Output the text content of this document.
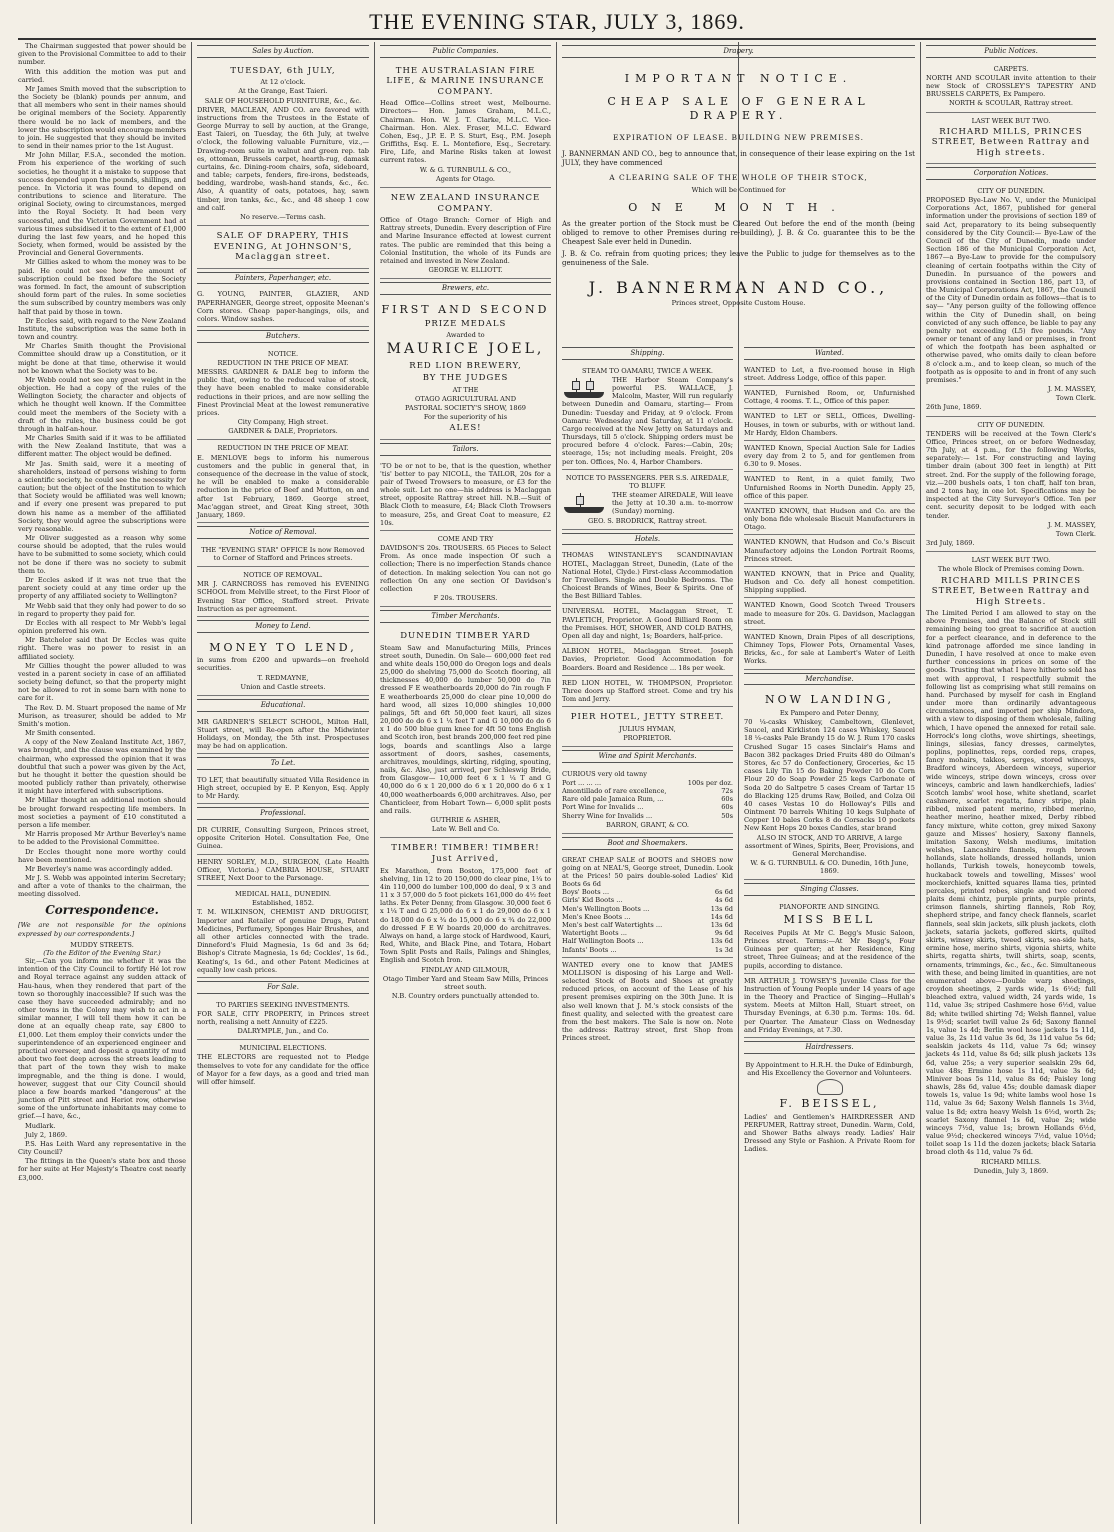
THE EVENING STAR, JULY 3, 1869.

The Chairman suggested that power should be given to the Provisional Committee to add to their number.

With this addition the motion was put and carried.

Mr James Smith moved that the subscription to the Society be (blank) pounds per annum, and that all members who sent in their names should be original members of the Society. Apparently there would be no lack of members, and the lower the subscription would encourage members to join. He suggested that they should be invited to send in their names prior to the 1st August.

Mr John Millar, F.S.A., seconded the motion. From his experience of the working of such societies, he thought it a mistake to suppose that success depended upon the pounds, shillings, and pence. In Victoria it was found to depend on contributions to science and literature. The original Society, owing to circumstances, merged into the Royal Society. It had been very successful, and the Victorian Government had at various times subsidised it to the extent of £1,000 during the last few years, and he hoped this Society, when formed, would be assisted by the Provincial and General Governments.

Mr Gillies asked to whom the money was to be paid. He could not see how the amount of subscription could be fixed before the Society was formed. In fact, the amount of subscription should form part of the rules. In some societies the sum subscribed by country members was only half that paid by those in town.

Dr Eccles said, with regard to the New Zealand Institute, the subscription was the same both in town and country.

Mr Charles Smith thought the Provisional Committee should draw up a Constitution, or it might be done at that time, otherwise it would not be known what the Society was to be.

Mr Webb could not see any great weight in the objection. He had a copy of the rules of the Wellington Society, the character and objects of which he thought well known. If the Committee could meet the members of the Society with a draft of the rules, the business could be got through in half-an-hour.

Mr Charles Smith said if it was to be affiliated with the New Zealand Institute, that was a different matter. The object would be defined.

Mr Jas. Smith said, were it a meeting of shareholders, instead of persons wishing to form a scientific society, he could see the necessity for caution; but the object of the Institution to which that Society would be affiliated was well known; and if every one present was prepared to put down his name as a member of the affiliated Society, they would agree the subscriptions were very reasonable.

Mr Oliver suggested as a reason why some course should be adopted, that the rules would have to be submitted to some society, which could not be done if there was no society to submit them to.

Dr Eccles asked if it was not true that the parent society could at any time order up the property of any affiliated society to Wellington?

Mr Webb said that they only had power to do so in regard to property they paid for.

Dr Eccles with all respect to Mr Webb's legal opinion preferred his own.

Mr Batchelor said that Dr Eccles was quite right. There was no power to resist in an affiliated society.

Mr Gillies thought the power alluded to was vested in a parent society in case of an affiliated society being defunct, so that the property might not be allowed to rot in some barn with none to care for it.

The Rev. D. M. Stuart proposed the name of Mr Murison, as treasurer, should be added to Mr Smith's motion.

Mr Smith consented.

A copy of the New Zealand Institute Act, 1867, was brought, and the clause was examined by the chairman, who expressed the opinion that it was doubtful that such a power was given by the Act, but he thought it better the question should be mooted publicly rather than privately, otherwise it might have interfered with subscriptions.

Mr Millar thought an additional motion should be brought forward respecting life members. In most societies a payment of £10 constituted a person a life member.

Mr Harris proposed Mr Arthur Beverley's name to be added to the Provisional Committee.

Dr Eccles thought none more worthy could have been mentioned.

Mr Beverley's name was accordingly added.

Mr J. S. Webb was appointed interim Secretary; and after a vote of thanks to the chairman, the meeting dissolved.

Correspondence.

[We are not responsible for the opinions expressed by our correspondents.]

MUDDY STREETS.
(To the Editor of the Evening Star.)

Sir,—Can you inform me whether it was the intention of the City Council to fortify Hé lot row and Royal terrace against any sudden attack of Hau-haus, when they rendered that part of the town so thoroughly inaccessible? If such was the case they have succeeded admirably; and no other towns in the Colony may wish to act in a similar manner, I will tell them how it can be done at an equally cheap rate, say £800 to £1,000. Let them employ their convicts under the superintendence of an experienced engineer and practical overseer, and deposit a quantity of mud about two feet deep across the streets leading to that part of the town they wish to make impregnable, and the thing is done. I would, however, suggest that our City Council should place a few boards marked "dangerous" at the junction of Pitt street and Heriot row, otherwise some of the unfortunate inhabitants may come to grief.—I have, &c.,

Mudlark.

July 2, 1869.

P.S. Has Leith Ward any representative in the City Council?

The fittings in the Queen's state box and those for her suite at Her Majesty's Theatre cost nearly £3,000.

Sales by Auction.
TUESDAY, 6th JULY,
At 12 o'clock.
At the Grange, East Taieri.
SALE OF HOUSEHOLD FURNITURE, &c., &c.
DRIVER, MACLEAN, AND CO. are favored with instructions from the Trustees in the Estate of George Murray to sell by auction, at the Grange, East Taieri, on Tuesday, the 6th July, at twelve o'clock, the following valuable Furniture, viz.,— Drawing-room suite in walnut and green rep. tab es, ottoman, Brussels carpet, hearth-rug, damask curtains, &c. Dining-room chairs, sofa, sideboard, and table; carpets, fenders, fire-irons, bedsteads, bedding, wardrobe, wash-hand stands, &c., &c. Also, A quantity of oats, potatoes, hay, sawn timber, iron tanks, &c., &c., and 48 sheep 1 cow and calf.
No reserve.—Terms cash.
SALE OF DRAPERY, THIS EVENING, At JOHNSON'S, Maclaggan street.
Painters, Paperhanger, etc.
G. YOUNG, PAINTER, GLAZIER, AND PAPERHANGER, George street, opposite Meenan's Corn stores. Cheap paper-hangings, oils, and colors. Window sashes.
Butchers.
NOTICE.
REDUCTION IN THE PRICE OF MEAT.
MESSRS. GARDNER & DALE beg to inform the public that, owing to the reduced value of stock, they have been enabled to make considerable reductions in their prices, and are now selling the Finest Provincial Meat at the lowest remunerative prices.
City Company, High street.
GARDNER & DALE, Proprietors.
REDUCTION IN THE PRICE OF MEAT.
E. MENLOVE begs to inform his numerous customers and the public in general that, in consequence of the decrease in the value of stock, he will be enabled to make a considerable reduction in the price of Beef and Mutton, on and after 1st February, 1869. George street, Mac'aggan street, and Great King street, 30th January, 1869.
Notice of Removal.
THE "EVENING STAR" OFFICE Is now Removed to Corner of Stafford and Princes streets.
NOTICE OF REMOVAL.
MR J. CARNCROSS has removed his EVENING SCHOOL from Melville street, to the First Floor of Evening Star Office, Stafford street. Private Instruction as per agreement.
Money to Lend.
MONEY TO LEND,
in sums from £200 and upwards—on freehold securities.
T. REDMAYNE,
Union and Castle streets.
Educational.
MR GARDNER'S SELECT SCHOOL, Milton Hall, Stuart street, will Re-open after the Midwinter Holidays, on Monday, the 5th inst. Prospectuses may be had on application.
To Let.
TO LET, that beautifully situated Villa Residence in High street, occupied by E. P. Kenyon, Esq. Apply to Mr Hardy.
Professional.
DR CURRIE, Consulting Surgeon, Princes street, opposite Criterion Hotel. Consultation Fee, One Guinea.
HENRY SORLEY, M.D., SURGEON, (Late Health Officer, Victoria.) CAMBRIA HOUSE, STUART STREET, Next Door to the Parsonage.
MEDICAL HALL, DUNEDIN.
Established, 1852.
T. M. WILKINSON, CHEMIST AND DRUGGIST, Importer and Retailer of genuine Drugs, Patent Medicines, Perfumery, Sponges Hair Brushes, and all other articles connected with the trade. Dinneford's Fluid Magnesia, 1s 6d and 3s 6d; Bishop's Citrate Magnesia, 1s 6d; Cockles', 1s 6d., Keating's, 1s 6d., and other Patent Medicines at equally low cash prices.
For Sale.
TO PARTIES SEEKING INVESTMENTS.
FOR SALE, CITY PROPERTY, in Princes street north, realising a nett Annuity of £225.
DALRYMPLE, Jun., and Co.
MUNICIPAL ELECTIONS.
THE ELECTORS are requested not to Pledge themselves to vote for any candidate for the office of Mayor for a few days, as a good and tried man will offer himself.
Public Companies.
THE AUSTRALASIAN FIRE LIFE, & MARINE INSURANCE COMPANY.
Head Office—Collins street west, Melbourne. Directors— Hon. James Graham, M.L.C., Chairman. Hon. W. J. T. Clarke, M.L.C. Vice-Chairman. Hon. Alex. Fraser, M.L.C. Edward Cohen, Esq., J.P. E. P. S. Sturt, Esq., P.M. Joseph Griffiths, Esq. E. L. Montefiore, Esq., Secretary. Fire, Life, and Marine Risks taken at lowest current rates.
W. & G. TURNBULL & CO.,
Agents for Otago.
NEW ZEALAND INSURANCE COMPANY.
Office of Otago Branch: Corner of High and Rattray streets, Dunedin. Every description of Fire and Marine Insurance effected at lowest current rates. The public are reminded that this being a Colonial Institution, the whole of its Funds are retained and invested in New Zealand.
GEORGE W. ELLIOTT.
Brewers, etc.
FIRST AND SECOND
PRIZE MEDALS
Awarded to
MAURICE JOEL,
RED LION BREWERY,
BY THE JUDGES
AT THE
OTAGO AGRICULTURAL AND
PASTORAL SOCIETY'S SHOW, 1869
For the superiority of his
ALES!
Tailors.
'TO be or not to be, that is the question, whether 'tis' better to pay NICOLL, the TAILOR, 20s for a pair of Tweed Trowsers to measure, or £3 for the whole suit. Let no one—his address is Maclaggan street, opposite Rattray street hill. N.B.—Suit of Black Cloth to measure, £4; Black Cloth Trowsers to measure, 25s, and Great Coat to measure, £2 10s.
COME AND TRY
DAVIDSON'S 20s. TROUSERS. 65 Pieces to Select From. As once made inspection Of such a collection; There is no imperfection Stands chance of detection. In making selection You can not go reflection On any one section Of Davidson's collection
F 20s. TROUSERS.
Timber Merchants.
DUNEDIN TIMBER YARD
Steam Saw and Manufacturing Mills, Princes street south, Dunedin. On Sale— 600,000 feet red and white deals 150,000 do Oregon logs and deals 25,000 do shelving 75,000 do Scotch flooring, all thicknesses 40,000 do lumber 50,000 do 7in dressed F E weatherboards 20,000 do 7in rough F E weatherboards 25,000 do clear pine 10,000 do hard wood, all sizes 10,000 shingles 10,000 palings, 5ft and 6ft 50,000 feet kauri, all sizes 20,000 do do 6 x 1 ¼ feet T and G 10,000 do do 6 x 1 do 500 blue gum knee for 4ft 50 tons English and Scotch iron, best brands 200,000 feet red pine logs, boards and scantlings Also a large assortment of doors, sashes, casements, architraves, mouldings, skirting, ridging, spouting, nails, &c. Also, just arrived, per Schleswig Bride, from Glasgow— 10,000 feet 6 x 1 ¼ T and G 40,000 do 6 x 1 20,000 do 6 x 1 20,000 do 6 x 1 40,000 weatherboards 6,000 architraves. Also, per Chanticleer, from Hobart Town— 6,000 split posts and rails.
GUTHRIE & ASHER,
Late W. Bell and Co.
TIMBER! TIMBER! TIMBER! Just Arrived,
Ex Marathon, from Boston, 175,000 feet of shelving, 1in 12 to 20 150,000 do clear pine, 1¼ to 4in 110,000 do lumber 100,000 do deal, 9 x 3 and 11 x 3 57,000 do 5 foot pickets 161,000 do 4½ feet laths. Ex Peter Denny, from Glasgow. 30,000 feet 6 x 1¼ T and G 25,000 do 6 x 1 do 29,000 do 6 x 1 do 18,000 do 6 x ¾ do 15,000 do 6 x ¾ do 22,000 do dressed F E W boards 20,000 do architraves. Always on hand, a large stock of Hardwood, Kauri, Red, White, and Black Pine, and Totara, Hobart Town Split Posts and Rails, Palings and Shingles, English and Scotch Iron.
FINDLAY AND GILMOUR,
Otago Timber Yard and Steam Saw Mills, Princes street south.
N.B. Country orders punctually attended to.
Drapery.
IMPORTANT NOTICE.
CHEAP SALE OF GENERAL DRAPERY.
EXPIRATION OF LEASE. BUILDING NEW PREMISES.
J. BANNERMAN AND CO., beg to announce that, in consequence of their lease expiring on the 1st JULY, they have commenced
A CLEARING SALE OF THE WHOLE OF THEIR STOCK,
Which will be Continued for
ONE MONTH.
As the greater portion of the Stock must be Cleared Out before the end of the month (being obliged to remove to other Premises during re-building), J. B. & Co. guarantee this to be the Cheapest Sale ever held in Dunedin.
J. B. & Co. refrain from quoting prices; they leave the Public to judge for themselves as to the genuineness of the Sale.
J. BANNERMAN AND CO.,
Princes street, Opposite Custom House.
Shipping.
STEAM TO OAMARU, TWICE A WEEK.
THE Harbor Steam Company's powerful P.S. WALLACE, J. Malcolm, Master, Will run regularly between Dunedin and Oamaru, starting— From Dunedin: Tuesday and Friday, at 9 o'clock. From Oamaru: Wednesday and Saturday, at 11 o'clock. Cargo received at the New Jetty on Saturdays and Thursdays, till 5 o'clock. Shipping orders must be procured before 4 o'clock. Fares:—Cabin, 20s; steerage, 15s; not including meals. Freight, 20s per ton. Offices, No. 4, Harbor Chambers.
NOTICE TO PASSENGERS. PER S.S. AIREDALE, TO BLUFF.
THE steamer AIREDALE, Will leave the Jetty at 10.30 a.m. to-morrow (Sunday) morning.
GEO. S. BRODRICK, Rattray street.
Hotels.
THOMAS WINSTANLEY'S SCANDINAVIAN HOTEL, Maclaggan Street, Dunedin, (Late of the National Hotel, Clyde.) First-class Accommodation for Travellers. Single and Double Bedrooms. The Choicest Brands of Wines, Beer & Spirits. One of the Best Billiard Tables.
UNIVERSAL HOTEL, Maclaggan Street, T. PAVLETICH, Proprietor. A Good Billiard Room on the Premises. HOT, SHOWER, AND COLD BATHS, Open all day and night, 1s; Boarders, half-price.
ALBION HOTEL, Maclaggan Street. Joseph Davies, Proprietor. Good Accommodation for Boarders. Board and Residence ... 18s per week.
RED LION HOTEL, W. THOMPSON, Proprietor. Three doors up Stafford street. Come and try his Tom and Jerry.
PIER HOTEL, JETTY STREET.
JULIUS HYMAN,
PROPRIETOR.
Wine and Spirit Merchants.
CURIOUS very old tawny
Port ... ... ...	100s per doz.
Amontillado of rare excellence,	72s
Rare old pale Jamaica Rum, ...	60s
Port Wine for Invalids ...	60s
Sherry Wine for Invalids ...	50s
BARRON, GRANT, & CO.
Boot and Shoemakers.
GREAT CHEAP SALE of BOOTS and SHOES now going on at NEAL'S, George street, Dunedin. Look at the Prices! 50 pairs double-soled Ladies' Kid Boots 6s 6d
Boys' Boots ...	6s 6d
Girls' Kid Boots ...	4s 6d
Men's Wellington Boots ...	13s 6d
Men's Knee Boots ...	14s 6d
Men's best calf Watertights ...	13s 6d
Watertight Boots ...	9s 6d
Half Wellington Boots ...	13s 6d
Infants' Boots ...	1s 3d
WANTED every one to know that JAMES MOLLISON is disposing of his Large and Well-selected Stock of Boots and Shoes at greatly reduced prices, on account of the Lease of his present premises expiring on the 30th June. It is also well known that J. M.'s stock consists of the finest quality, and selected with the greatest care from the best makers. The Sale is now on. Note the address: Rattray street, first Shop from Princes street.
Wanted.
WANTED to Let, a five-roomed house in High street. Address Lodge, office of this paper.
WANTED, Furnished Room, or, Unfurnished Cottage, 4 rooms. T. L., Office of this paper.
WANTED to LET or SELL, Offices, Dwelling-Houses, in town or suburbs, with or without land. Mr Hardy, Eldon Chambers.
WANTED Known, Special Auction Sale for Ladies every day from 2 to 5, and for gentlemen from 6.30 to 9. Moses.
WANTED to Rent, in a quiet family, Two Unfurnished Rooms in North Dunedin. Apply 25, office of this paper.
WANTED KNOWN, that Hudson and Co. are the only bona fide wholesale Biscuit Manufacturers in Otago.
WANTED KNOWN, that Hudson and Co.'s Biscuit Manufactory adjoins the London Portrait Rooms, Princes street.
WANTED KNOWN, that in Price and Quality, Hudson and Co. defy all honest competition. Shipping supplied.
WANTED Known, Good Scotch Tweed Trousers made to measure for 20s. G. Davidson, Maclaggan street.
WANTED Known, Drain Pipes of all descriptions, Chimney Tops, Flower Pots, Ornamental Vases, Bricks, &c., for sale at Lambert's Water of Leith Works.
Merchandise.
NOW LANDING,
Ex Pampero and Peter Denny,
70 ¼-casks Whiskey, Cambeltown, Glenlevet, Saucel, and Kirkliston 124 cases Whiskey, Saucel 18 ¼-casks Pale Brandy 15 do W. J. Rum 170 casks Crushed Sugar 15 cases Sinclair's Hams and Bacon 382 packages Dried Fruits 480 do Oilman's Stores, &c 57 do Confectionery, Groceries, &c 15 cases Lily Tin 15 do Baking Powder 10 do Corn Flour 20 do Soap Powder 25 kegs Carbonate of Soda 20 do Saltpetre 5 cases Cream of Tartar 15 do Blacking 125 drums Raw, Boiled, and Colza Oil 40 cases Vestas 10 do Holloway's Pills and Ointment 70 barrels Whiting 10 kegs Sulphate of Copper 10 bales Corks 8 do Corsacks 10 pockets New Kent Hops 20 boxes Candles, star brand
ALSO IN STOCK, AND TO ARRIVE, A large assortment of Wines, Spirits, Beer, Provisions, and General Merchandise.
W. & G. TURNBULL & CO. Dunedin, 16th June, 1869.
Singing Classes.
PIANOFORTE AND SINGING.
MISS BELL
Receives Pupils At Mr C. Begg's Music Saloon, Princes street. Terms:—At Mr Begg's, Four Guineas per quarter; at her Residence, King street, Three Guineas; and at the residence of the pupils, according to distance.
MR ARTHUR J. TOWSEY'S Juvenile Class for the Instruction of Young People under 14 years of age in the Theory and Practice of Singing—Hullah's system. Meets at Milton Hall, Stuart street, on Thursday Evenings, at 6.30 p.m. Terms: 10s. 6d. per Quarter. The Amateur Class on Wednesday and Friday Evenings, at 7.30.
Hairdressers.
By Appointment to H.R.H. the Duke of Edinburgh, and His Excellency the Governor and Volunteers.
F. BEISSEL,
Ladies' and Gentlemen's HAIRDRESSER AND PERFUMER, Rattray street, Dunedin. Warm, Cold, and Shower Baths always ready. Ladies' Hair Dressed any Style or Fashion. A Private Room for Ladies.
Public Notices.
CARPETS.
NORTH AND SCOULAR invite attention to their new Stock of CROSSLEY'S TAPESTRY AND BRUSSELS CARPETS, Ex Pampero.
NORTH & SCOULAR, Rattray street.
LAST WEEK BUT TWO.
RICHARD MILLS, PRINCES STREET, Between Rattray and High streets.
Corporation Notices.
CITY OF DUNEDIN.
PROPOSED Bye-Law No. V., under the Municipal Corporations Act, 1867, published for general information under the provisions of section 189 of said Act, preparatory to its being subsequently considered by the City Council:— Bye-Law of the Council of the City of Dunedin, made under Section 186 of the Municipal Corporation Act, 1867—a Bye-Law to provide for the compulsory cleaning of certain footpaths within the City of Dunedin. In pursuance of the powers and provisions contained in Section 186, part 13, of the Municipal Corporations Act, 1867, the Council of the City of Dunedin ordain as follows—that is to say— "Any person guilty of the following offence within the City of Dunedin shall, on being convicted of any such offence, be liable to pay any penalty not exceeding (L5) five pounds. "Any owner or tenant of any land or premises, in front of which the footpath has been asphalted or otherwise paved, who omits daily to clean before 8 o'clock a.m., and to keep clean, so much of the footpath as is opposite to and in front of any such premises."
J. M. MASSEY,
Town Clerk.
26th June, 1869.
CITY OF DUNEDIN.
TENDERS will be received at the Town Clerk's Office, Princes street, on or before Wednesday, 7th July, at 4 p.m., for the following Works, separately:— 1st. For constructing and laying timber drain (about 300 feet in length) at Pitt street. 2nd. For the supply of the following forage, viz.—200 bushels oats, 1 ton chaff, half ton bran, and 2 tons hay, in one lot. Specifications may be inspected at the City Surveyor's Office. Ten per cent. security deposit to be lodged with each tender.
J. M. MASSEY,
Town Clerk.
3rd July, 1869.
LAST WEEK BUT TWO.
The whole Block of Premises coming Down.
RICHARD MILLS PRINCES STREET, Between Rattray and High Streets.
The Limited Period I am allowed to stay on the above Premises, and the Balance of Stock still remaining being too great to sacrifice at auction for a perfect clearance, and in deference to the kind patronage afforded me since landing in Dunedin, I have resolved at once to make even further concessions in prices on some of the goods. Trusting that what I have hitherto sold has met with approval, I respectfully submit the following list as comprising what still remains on hand. Purchased by myself for cash in England under more than ordinarily advantageous circumstances, and imported per ship Mindora, with a view to disposing of them wholesale, failing which, I have opened the annexed for retail sale. Horrock's long cloths, wove shirtings, sheetings, linings, silesias, fancy dresses, carmelytes, poplins, poplinettes, reps, corded reps, crapes, fancy mohairs, takkos, serges, stored winceys, Bradford winceys, Aberdeen winceys, superior wide winceys, stripe down winceys, cross over winceys, cambric and lawn handkerchiefs, ladies' Scotch lambs' wool hose, white shetland, scarlet cashmere, scarlet regatta, fancy stripe, plain ribbed, mixed patent merino, ribbed merino, heather merino, heather mixed, Derby ribbed fancy mixture, white cotton, grey mixed Saxony gauze and Misses' hosiery, Saxony flannels, imitation Saxony, Welsh mediums, imitation welshes, Lancashire flannels, rough brown hollands, slate hollands, dressed hollands, union hollands, Turkish towels, honeycomb towels, huckaback towels and towelling, Misses' wool mockerchiefs, knitted squares llama ties, printed percales, printed robes, single and two colored plaits demi chintz, purple prints, purple prints, crimson flannels, shirting flannels, Rob Roy, shepherd stripe, and fancy check flannels, scarlet flannels, seal skin jackets, silk plush jackets, cloth jackets, sataria jackets, goffered skirts, quilted skirts, winsey skirts, tweed skirts, sea-side hats, ermine hose, merino shirts, vigonia shirts, white shirts, regatta shirts, twill shirts, soap, scents, ornaments, trimmings, &c., &c., &c. Simultaneous with these, and being limited in quantities, are not enumerated above—Double warp sheetings, croydon sheetings, 2 yards wide, 1s 6½d; full bleached extra, valued width, 24 yards wide, 1s 11d, value 3s; striped Cashmere hose 6½d, value 8d; white twilled shirting 7d; Welsh flannel, value 1s 9½d; scarlet twill value 2s 6d; Saxony flannel 1s, value 1s 4d; Berlin wool hose jackets 1s 11d, value 3s, 2s 11d value 3s 6d, 3s 11d value 5s 6d; sealskin jackets 4s 11d, value 7s 6d; winsey jackets 4s 11d, value 8s 6d; silk plush jackets 13s 6d, value 25s; a very superior sealskin 29s 6d, value 48s; Ermine hose 1s 11d, value 3s 6d; Miniver boas 5s 11d, value 8s 6d; Paisley long shawls, 28s 6d, value 45s; double damask diaper towels 1s, value 1s 9d; white lambs wool hose 1s 11d, value 3s 6d; Saxony Welsh flannels 1s 3½d, value 1s 8d; extra heavy Welsh 1s 6½d, worth 2s; scarlet Saxony flannel 1s 6d, value 2s; wide winceys 7½d, value 1s; brown Hollands 6½d, value 9½d; checkered winceys 7½d, value 10½d; toilet soap 1s 11d the dozen jackets; black Sataria broad cloth 4s 11d, value 7s 6d.
RICHARD MILLS.
Dunedin, July 3, 1869.
